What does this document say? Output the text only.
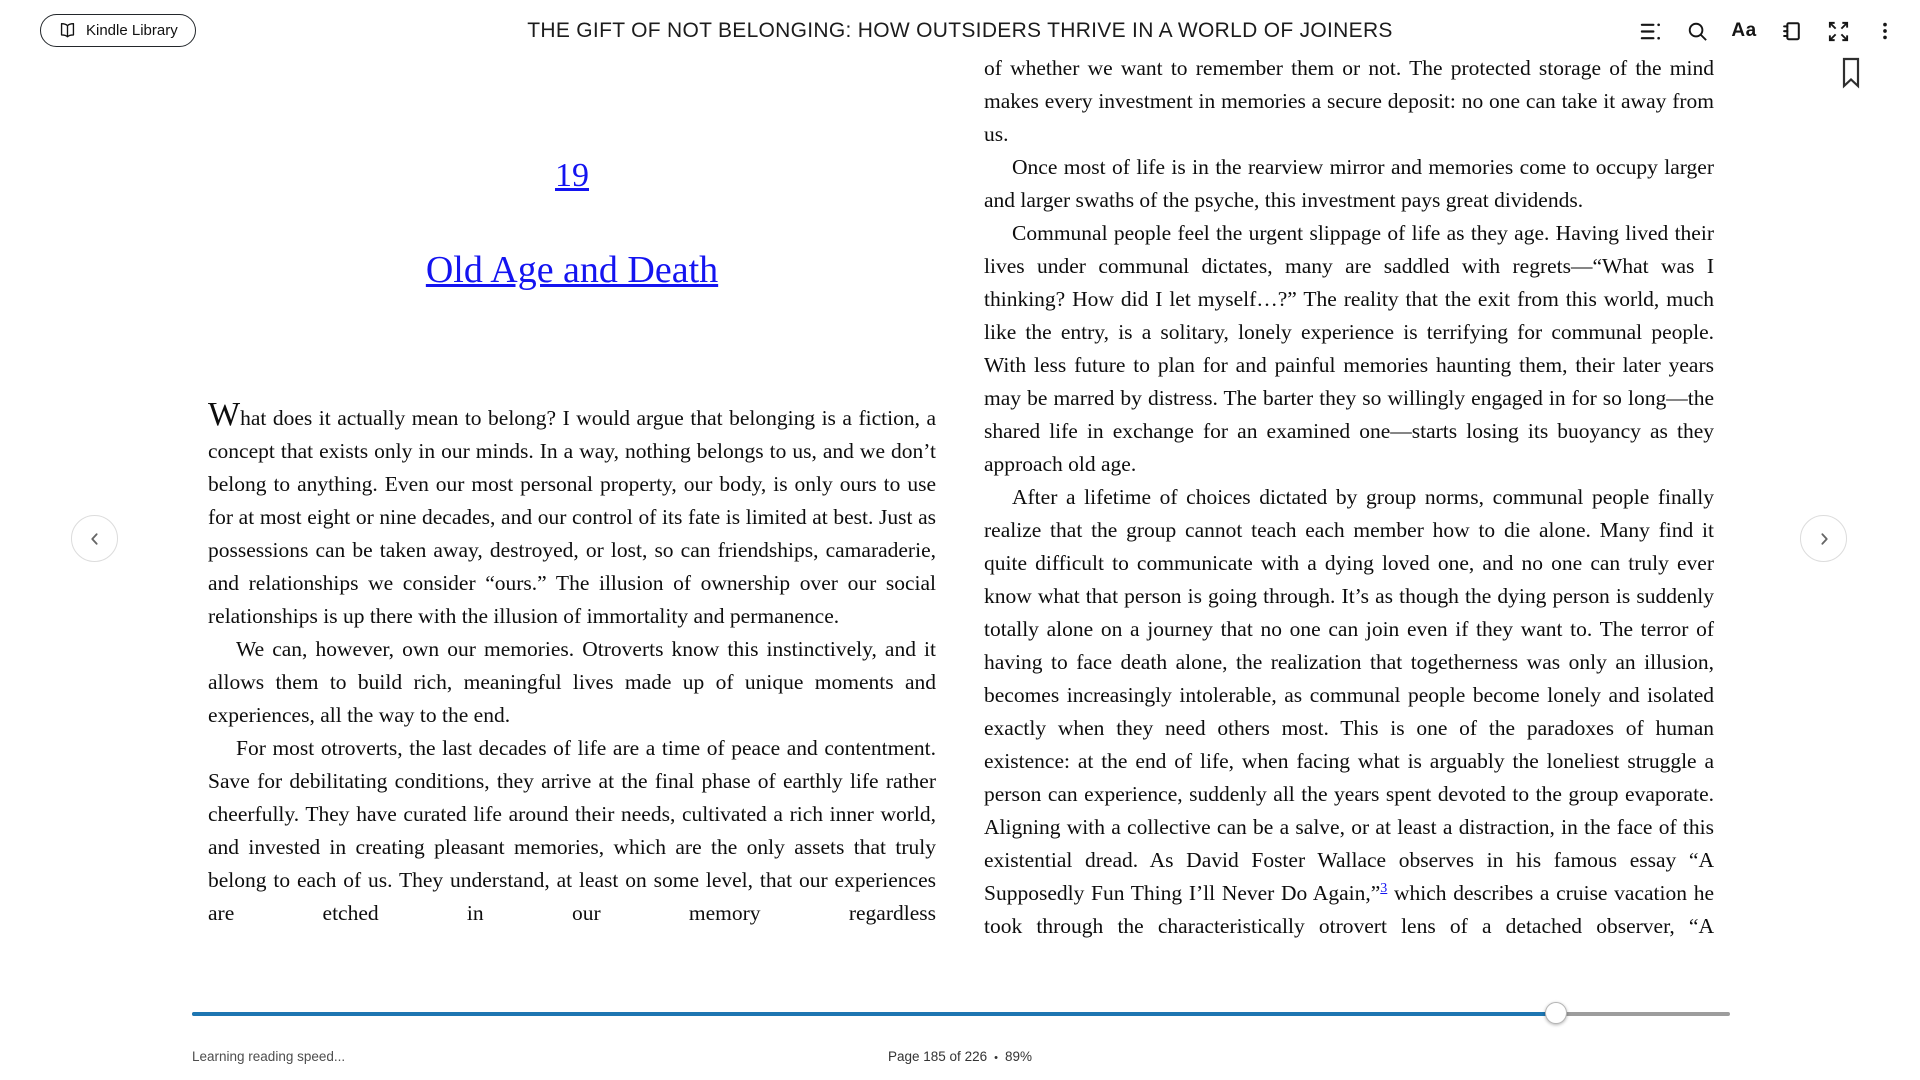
Kindle Library	THE GIFT OF NOT BELONGING: HOW OUTSIDERS THRIVE IN A WORLD OF JOINERS	Aa
19
Old Age and Death

What does it actually mean to belong? I would argue that belonging is a fiction, a concept that exists only in our minds. In a way, nothing belongs to us, and we don’t belong to anything. Even our most personal property, our body, is only ours to use for at most eight or nine decades, and our control of its fate is limited at best. Just as possessions can be taken away, destroyed, or lost, so can friendships, camaraderie, and relationships we consider “ours.” The illusion of ownership over our social relationships is up there with the illusion of immortality and permanence.

We can, however, own our memories. Otroverts know this instinctively, and it allows them to build rich, meaningful lives made up of unique moments and experiences, all the way to the end.

For most otroverts, the last decades of life are a time of peace and contentment. Save for debilitating conditions, they arrive at the final phase of earthly life rather cheerfully. They have curated life around their needs, cultivated a rich inner world, and invested in creating pleasant memories, which are the only assets that truly belong to each of us. They understand, at least on some level, that our experiences are etched in our memory regardless

of whether we want to remember them or not. The protected storage of the mind makes every investment in memories a secure deposit: no one can take it away from us.

Once most of life is in the rearview mirror and memories come to occupy larger and larger swaths of the psyche, this investment pays great dividends.

Communal people feel the urgent slippage of life as they age. Having lived their lives under communal dictates, many are saddled with regrets—“What was I thinking? How did I let myself…?” The reality that the exit from this world, much like the entry, is a solitary, lonely experience is terrifying for communal people. With less future to plan for and painful memories haunting them, their later years may be marred by distress. The barter they so willingly engaged in for so long—the shared life in exchange for an examined one—starts losing its buoyancy as they approach old age.

After a lifetime of choices dictated by group norms, communal people finally realize that the group cannot teach each member how to die alone. Many find it quite difficult to communicate with a dying loved one, and no one can truly ever know what that person is going through. It’s as though the dying person is suddenly totally alone on a journey that no one can join even if they want to. The terror of having to face death alone, the realization that togetherness was only an illusion, becomes increasingly intolerable, as communal people become lonely and isolated exactly when they need others most. This is one of the paradoxes of human existence: at the end of life, when facing what is arguably the loneliest struggle a person can experience, suddenly all the years spent devoted to the group evaporate. Aligning with a collective can be a salve, or at least a distraction, in the face of this existential dread. As David Foster Wallace observes in his famous essay “A Supposedly Fun Thing I’ll Never Do Again,”$^3$ which describes a cruise vacation he took through the characteristically otrovert lens of a detached observer, “A

Learning reading speed...	Page 185 of 226 • 89%
